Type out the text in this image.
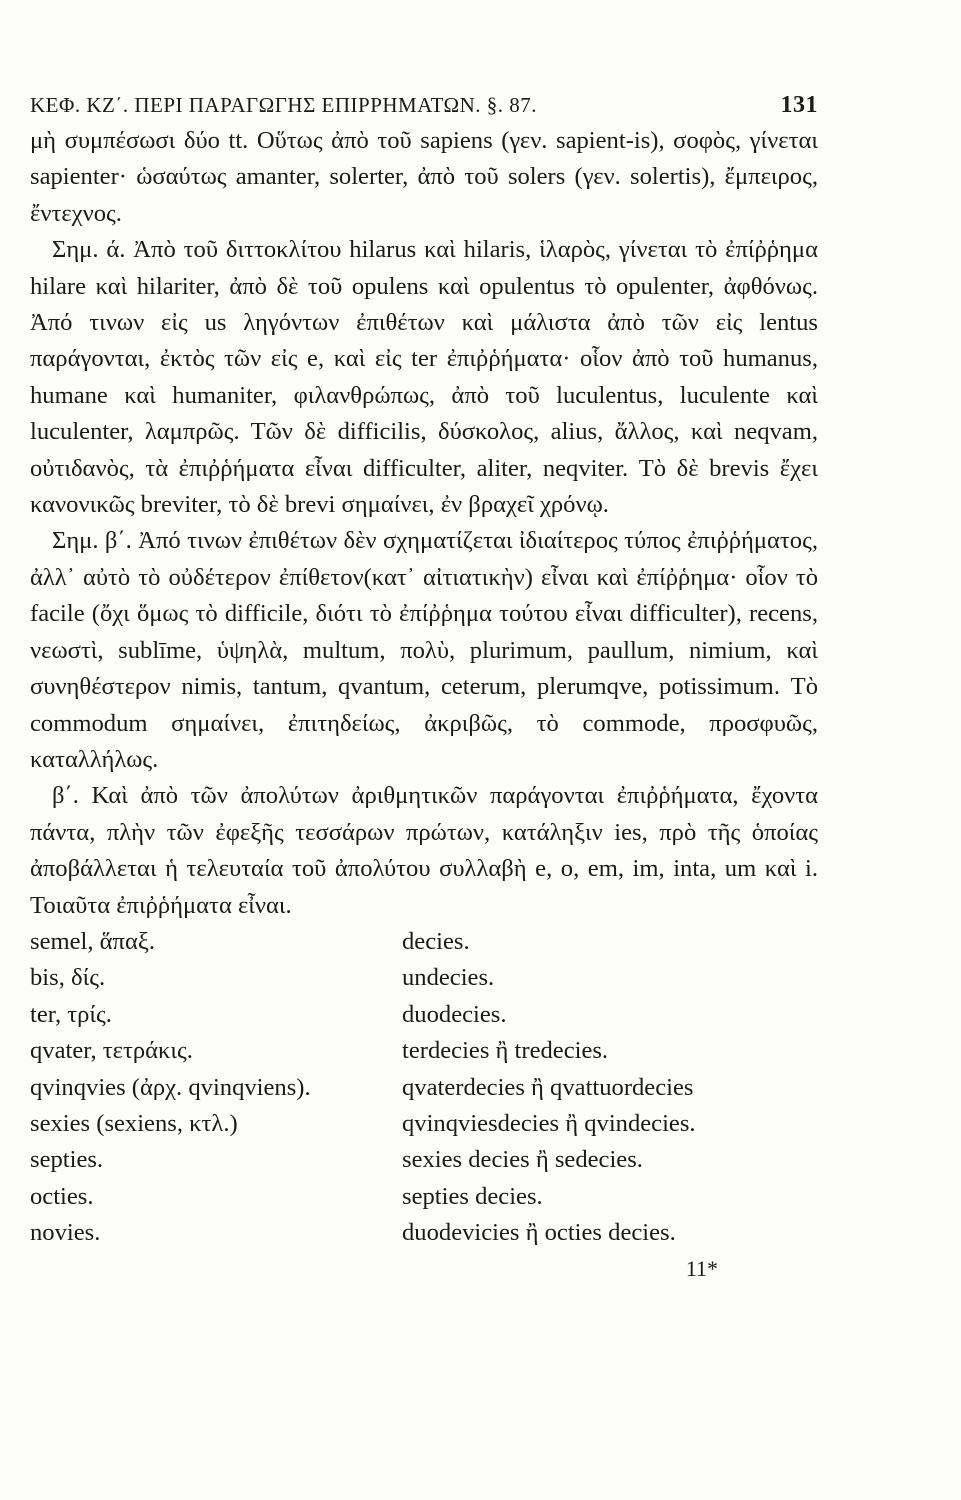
ΚΕΦ. ΚΖ΄. ΠΕΡΙ ΠΑΡΑΓΩΓΗΣ ΕΠΙΡΡΗΜΑΤΩΝ. §. 87.	131

μὴ συμπέσωσι δύο tt. Οὕτως ἀπὸ τοῦ sapiens (γεν. sapient-is), σοφὸς, γίνεται sapienter· ὡσαύτως amanter, solerter, ἀπὸ τοῦ solers (γεν. solertis), ἔμπειρος, ἔντεχνος.

Σημ. ά. Ἀπὸ τοῦ διττοκλίτου hilarus καὶ hilaris, ἱλαρὸς, γίνεται τὸ ἐπίῤῥημα hilare καὶ hilariter, ἀπὸ δὲ τοῦ opulens καὶ opulentus τὸ opulenter, ἀφθόνως. Ἀπό τινων εἰς us ληγόντων ἐπιθέτων καὶ μάλιστα ἀπὸ τῶν εἰς lentus παράγονται, ἐκτὸς τῶν εἰς e, καὶ εἰς ter ἐπιῤῥήματα· οἷον ἀπὸ τοῦ humanus, humane καὶ humaniter, φιλανθρώπως, ἀπὸ τοῦ luculentus, luculente καὶ luculenter, λαμπρῶς. Τῶν δὲ difficilis, δύσκολος, alius, ἄλλος, καὶ neqvam, οὐτιδανὸς, τὰ ἐπιῤῥήματα εἶναι difficulter, aliter, neqviter. Τὸ δὲ brevis ἔχει κανονικῶς breviter, τὸ δὲ brevi σημαίνει, ἐν βραχεῖ χρόνῳ.

Σημ. β΄. Ἀπό τινων ἐπιθέτων δὲν σχηματίζεται ἰδιαίτερος τύπος ἐπιῤῥήματος, ἀλλ᾿ αὐτὸ τὸ οὐδέτερον ἐπίθετον(κατ᾿ αἰτιατικὴν) εἶναι καὶ ἐπίῤῥημα· οἷον τὸ facile (ὄχι ὅμως τὸ difficile, διότι τὸ ἐπίῤῥημα τούτου εἶναι difficulter), recens, νεωστὶ, sublīme, ὑψηλὰ, multum, πολὺ, plurimum, paullum, nimium, καὶ συνηθέστερον nimis, tantum, qvantum, ceterum, plerumqve, potissimum. Τὸ commodum σημαίνει, ἐπιτηδείως, ἀκριβῶς, τὸ commode, προσφυῶς, καταλλήλως.

β΄. Καὶ ἀπὸ τῶν ἀπολύτων ἀριθμητικῶν παράγονται ἐπιῤῥήματα, ἔχοντα πάντα, πλὴν τῶν ἐφεξῆς τεσσάρων πρώτων, κατάληξιν ies, πρὸ τῆς ὁποίας ἀποβάλλεται ἡ τελευταία τοῦ ἀπολύτου συλλαβὴ e, o, em, im, inta, um καὶ i. Τοιαῦτα ἐπιῤῥήματα εἶναι.

semel, ἅπαξ.	decies.
bis, δίς.	undecies.
ter, τρίς.	duodecies.
qvater, τετράκις.	terdecies ἢ tredecies.
qvinqvies (ἀρχ. qvinqviens).	qvaterdecies ἢ qvattuordecies
sexies (sexiens, κτλ.)	qvinqviesdecies ἢ qvindecies.
septies.	sexies decies ἢ sedecies.
octies.	septies decies.
novies.	duodevicies ἢ octies decies.
11*
